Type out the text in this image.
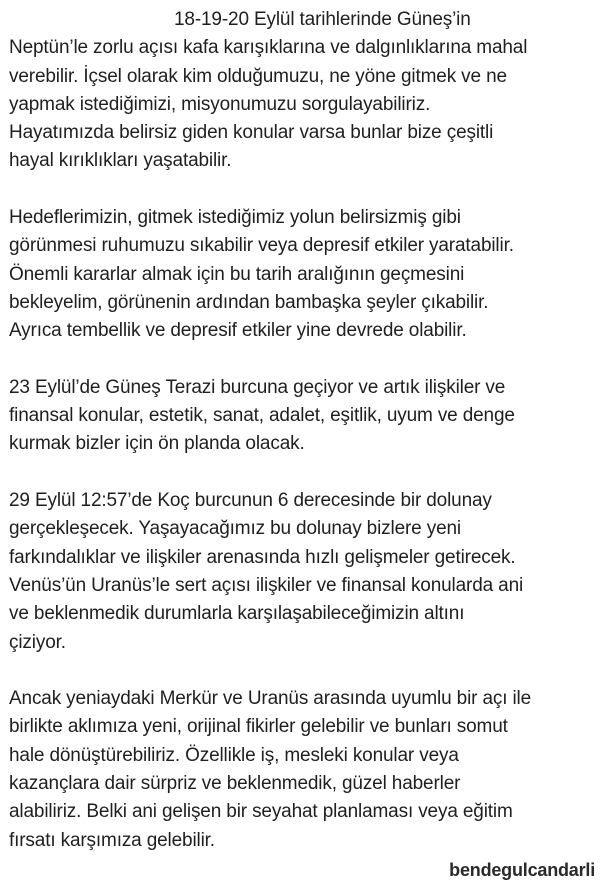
18-19-20 Eylül tarihlerinde Güneş’in
Neptün’le zorlu açısı kafa karışıklarına ve dalgınlıklarına mahal
verebilir. İçsel olarak kim olduğumuzu, ne yöne gitmek ve ne
yapmak istediğimizi, misyonumuzu sorgulayabiliriz.
Hayatımızda belirsiz giden konular varsa bunlar bize çeşitli
hayal kırıklıkları yaşatabilir.
Hedeflerimizin, gitmek istediğimiz yolun belirsizmiş gibi
görünmesi ruhumuzu sıkabilir veya depresif etkiler yaratabilir.
Önemli kararlar almak için bu tarih aralığının geçmesini
bekleyelim, görünenin ardından bambaşka şeyler çıkabilir.
Ayrıca tembellik ve depresif etkiler yine devrede olabilir.
23 Eylül’de Güneş Terazi burcuna geçiyor ve artık ilişkiler ve
finansal konular, estetik, sanat, adalet, eşitlik, uyum ve denge
kurmak bizler için ön planda olacak.
29 Eylül 12:57’de Koç burcunun 6 derecesinde bir dolunay
gerçekleşecek. Yaşayacağımız bu dolunay bizlere yeni
farkındalıklar ve ilişkiler arenasında hızlı gelişmeler getirecek.
Venüs’ün Uranüs’le sert açısı ilişkiler ve finansal konularda ani
ve beklenmedik durumlarla karşılaşabileceğimizin altını
çiziyor.
Ancak yeniaydaki Merkür ve Uranüs arasında uyumlu bir açı ile
birlikte aklımıza yeni, orijinal fikirler gelebilir ve bunları somut
hale dönüştürebiliriz. Özellikle iş, mesleki konular veya
kazançlara dair sürpriz ve beklenmedik, güzel haberler
alabiliriz. Belki ani gelişen bir seyahat planlaması veya eğitim
fırsatı karşımıza gelebilir.
bendegulcandarli
